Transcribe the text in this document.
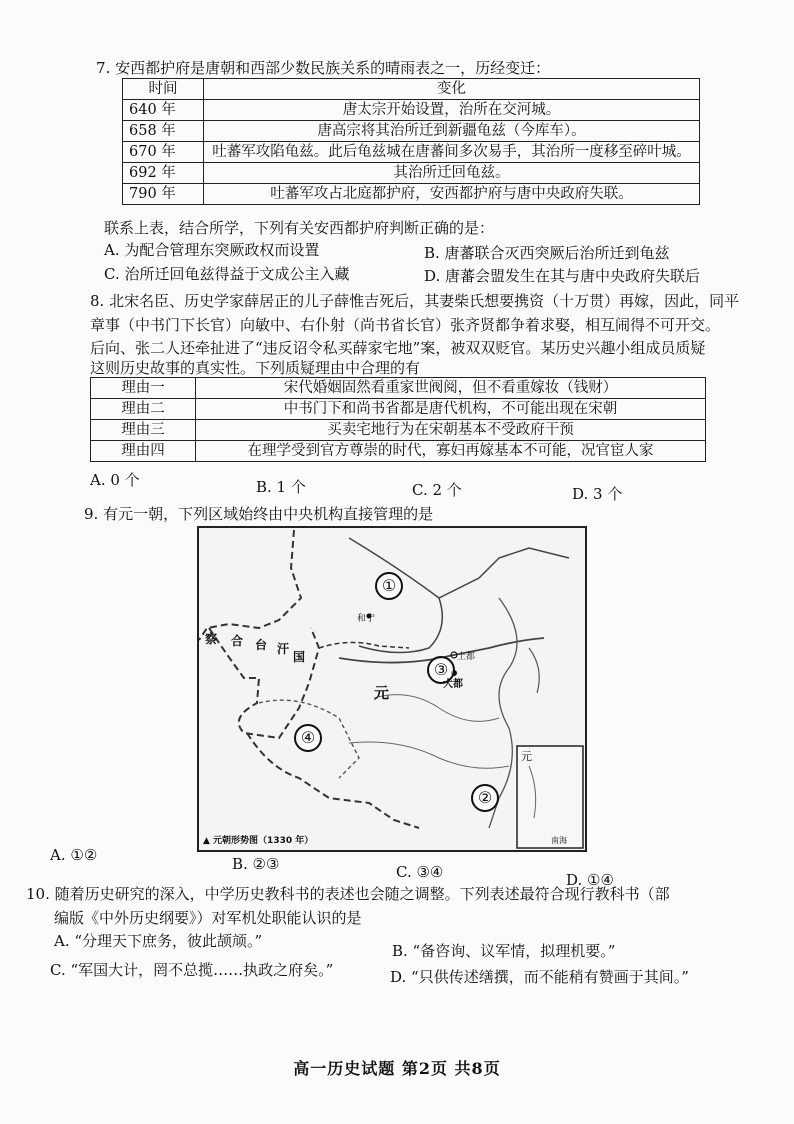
7. 安西都护府是唐朝和西部少数民族关系的晴雨表之一，历经变迁：
时间	变化
640 年	唐太宗开始设置，治所在交河城。
658 年	唐高宗将其治所迁到新疆龟兹（今库车）。
670 年	吐蕃军攻陷龟兹。此后龟兹城在唐蕃间多次易手，其治所一度移至碎叶城。
692 年	其治所迁回龟兹。
790 年	吐蕃军攻占北庭都护府，安西都护府与唐中央政府失联。
联系上表，结合所学，下列有关安西都护府判断正确的是：
A. 为配合管理东突厥政权而设置	B. 唐蕃联合灭西突厥后治所迁到龟兹
C. 治所迁回龟兹得益于文成公主入藏	D. 唐蕃会盟发生在其与唐中央政府失联后
8. 北宋名臣、历史学家薛居正的儿子薛惟吉死后，其妻柴氏想要携资（十万贯）再嫁，因此，同平
章事（中书门下长官）向敏中、右仆射（尚书省长官）张齐贤都争着求娶，相互闹得不可开交。
后向、张二人还牵扯进了“违反诏令私买薛家宅地”案，被双双贬官。某历史兴趣小组成员质疑
这则历史故事的真实性。下列质疑理由中合理的有
理由一	宋代婚姻固然看重家世阀阅，但不看重嫁妆（钱财）
理由二	中书门下和尚书省都是唐代机构，不可能出现在宋朝
理由三	买卖宅地行为在宋朝基本不受政府干预
理由四	在理学受到官方尊崇的时代，寡妇再嫁基本不可能，况官宦人家
A. 0 个	B. 1 个	C. 2 个	D. 3 个
9. 有元一朝，下列区域始终由中央机构直接管理的是
①
③
④
②
和宁
察 合 台 汗
国
元
上都
大都
元
南海
▲ 元朝形势图（1330 年）
A. ①②	B. ②③	C. ③④	D. ①④
10. 随着历史研究的深入，中学历史教科书的表述也会随之调整。下列表述最符合现行教科书（部
编版《中外历史纲要》）对军机处职能认识的是
A. “分理天下庶务，彼此颉颃。”
B. “备咨询、议军情，拟理机要。”
C. “军国大计，罔不总揽……执政之府矣。”	D. “只供传述缮撰，而不能稍有赞画于其间。”
高一历史试题 第2页 共8页
